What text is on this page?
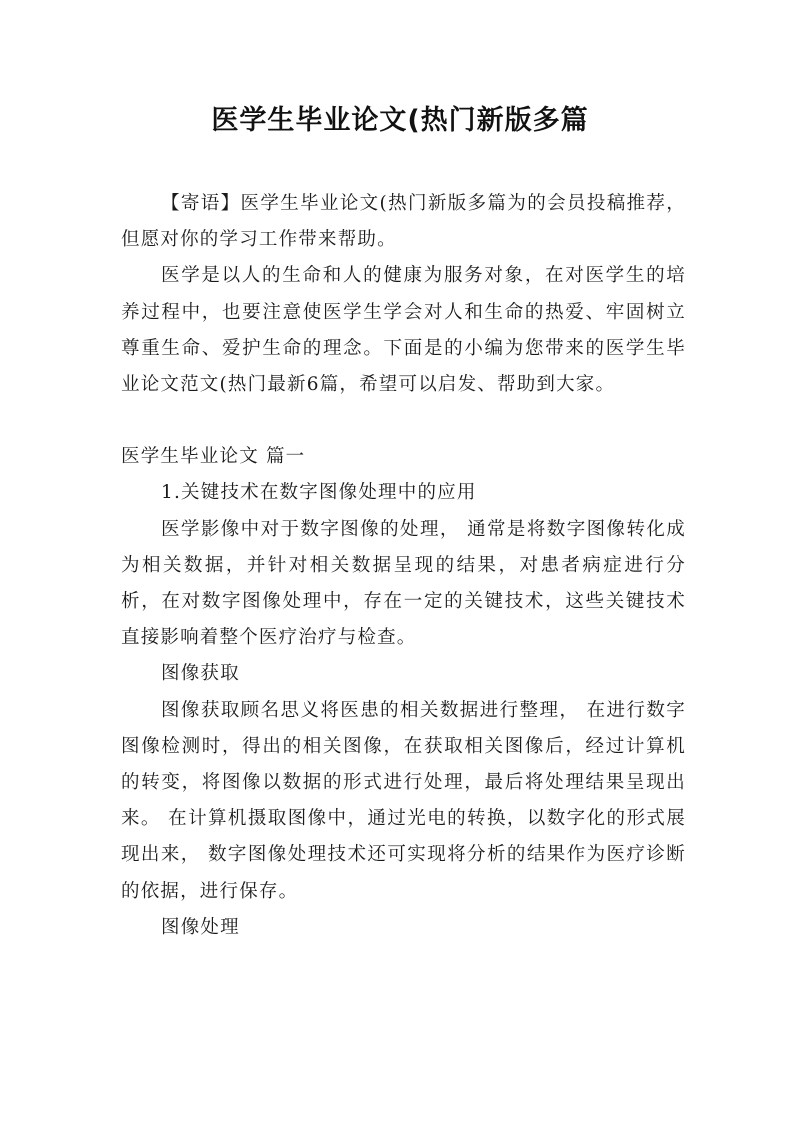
医学生毕业论文(热门新版多篇

【寄语】医学生毕业论文(热门新版多篇为的会员投稿推荐，但愿对你的学习工作带来帮助。

医学是以人的生命和人的健康为服务对象，在对医学生的培养过程中，也要注意使医学生学会对人和生命的热爱、牢固树立尊重生命、爱护生命的理念。下面是的小编为您带来的医学生毕业论文范文(热门最新6篇，希望可以启发、帮助到大家。

医学生毕业论文 篇一

1.关键技术在数字图像处理中的应用

医学影像中对于数字图像的处理， 通常是将数字图像转化成为相关数据，并针对相关数据呈现的结果，对患者病症进行分析，在对数字图像处理中，存在一定的关键技术，这些关键技术直接影响着整个医疗治疗与检查。

图像获取

图像获取顾名思义将医患的相关数据进行整理， 在进行数字图像检测时，得出的相关图像，在获取相关图像后，经过计算机的转变，将图像以数据的形式进行处理，最后将处理结果呈现出来。 在计算机摄取图像中，通过光电的转换，以数字化的形式展现出来， 数字图像处理技术还可实现将分析的结果作为医疗诊断的依据，进行保存。

图像处理
